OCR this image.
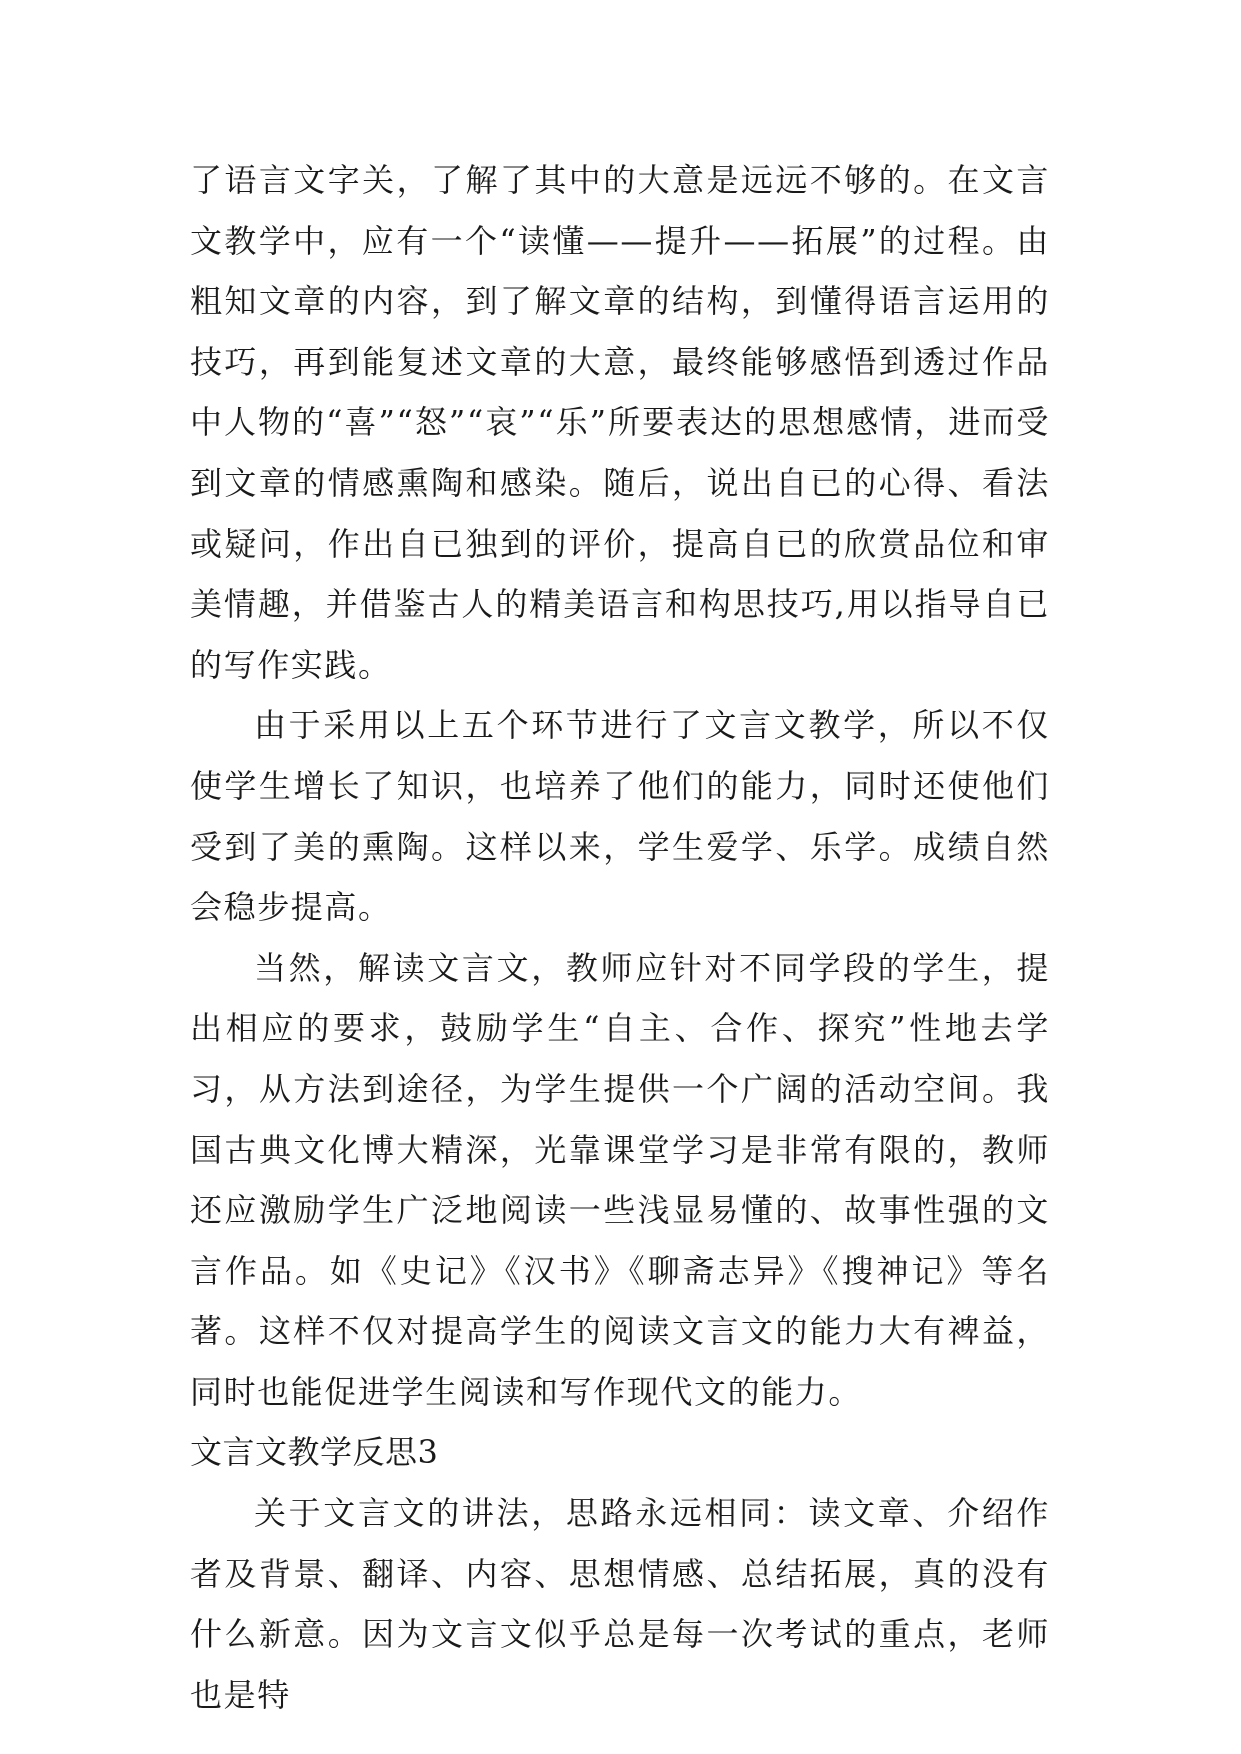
了语言文字关，了解了其中的大意是远远不够的。在文言文教学中，应有一个“读懂——提升——拓展”的过程。由粗知文章的内容，到了解文章的结构，到懂得语言运用的技巧，再到能复述文章的大意，最终能够感悟到透过作品中人物的“喜”“怒”“哀”“乐”所要表达的思想感情，进而受到文章的情感熏陶和感染。随后，说出自已的心得、看法或疑问，作出自已独到的评价，提高自已的欣赏品位和审美情趣，并借鉴古人的精美语言和构思技巧,用以指导自已的写作实践。

由于采用以上五个环节进行了文言文教学，所以不仅使学生增长了知识，也培养了他们的能力，同时还使他们受到了美的熏陶。这样以来，学生爱学、乐学。成绩自然会稳步提高。

当然，解读文言文，教师应针对不同学段的学生，提出相应的要求，鼓励学生“自主、合作、探究”性地去学习，从方法到途径，为学生提供一个广阔的活动空间。我国古典文化博大精深，光靠课堂学习是非常有限的，教师还应激励学生广泛地阅读一些浅显易懂的、故事性强的文言作品。如《史记》《汉书》《聊斋志异》《搜神记》等名著。这样不仅对提高学生的阅读文言文的能力大有裨益，同时也能促进学生阅读和写作现代文的能力。

文言文教学反思3

关于文言文的讲法，思路永远相同：读文章、介绍作者及背景、翻译、内容、思想情感、总结拓展，真的没有什么新意。因为文言文似乎总是每一次考试的重点，老师也是特
